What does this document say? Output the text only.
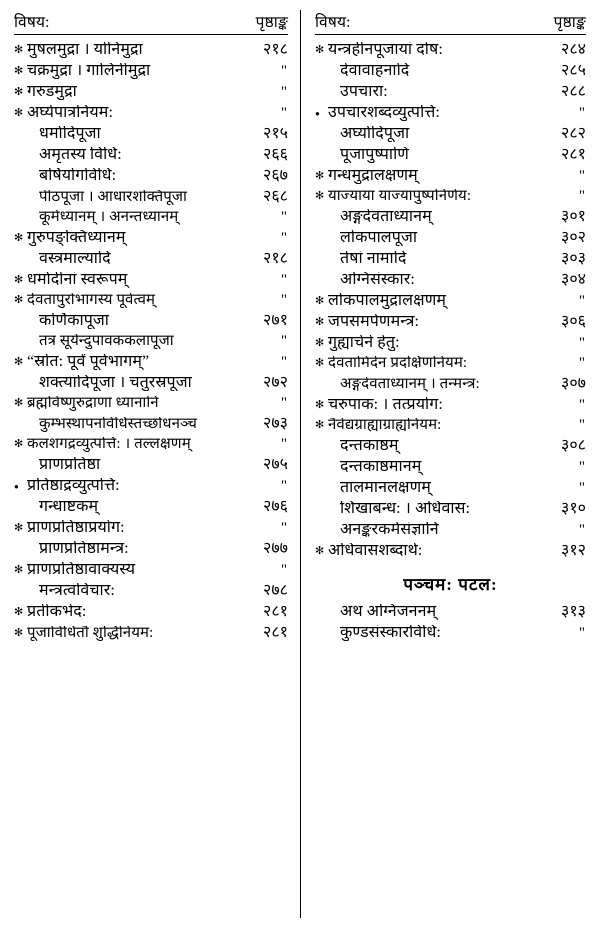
विषय:	पृष्ठाङ्क
✻
मुषलमुद्रा । योनिमुद्रा	२१८
✻
चक्रमुद्रा । गालिनीमुद्रा	"
✻
गरुडमुद्रा	"
✻
अर्घ्यपात्रनियम:	"
धर्मादिपूजा	२१५
अमृतस्य विधि:	२६६
बर्षियोगविधि:	२६७
पीठपूजा । आधारशक्तिपूजा	२६८
कूर्मध्यानम् । अनन्तध्यानम्	"
✻
गुरुपङ्क्तिध्यानम्	"
वस्त्रमाल्यादि	२१८
✻
धर्मादीनां स्वरूपम्	"
✻
देवतापुरोभागस्य पूर्वत्वम्	"
कर्णिकापूजा	२७१
तत्र सूर्येन्दुपावककलापूजा	"
✻
“स्रोत: पूर्वं पूर्वभागम्”	"
शक्त्यादिपूजा । चतुरस्रपूजा	२७२
✻
ब्रह्मविष्णुरुद्राणां ध्यानानि	"
कुम्भस्थापनविधिस्तच्छोधनञ्च	२७३
✻
कलशगद्रव्युत्पत्ति: । तल्लक्षणम्	"
प्राणप्रतिष्ठा	२७५
●
प्रतिष्ठाद्रव्युत्पत्ति:	"
गन्धाष्टकम्	२७६
✻
प्राणप्रतिष्ठाप्रयोग:	"
प्राणप्रतिष्ठामन्त्र:	२७७
✻
प्राणप्रतिष्ठावाक्यस्य	"
मन्त्रत्वविचार:	२७८
✻
प्रतीकभेद:	२८१
✻
पूजाविधितौ शुद्धिनियम:	२८१
विषय:	पृष्ठाङ्क
✻
यन्त्रहीनपूजायां दोष:	२८४
देवावाहनादि	२८५
उपचारा:	२८८
●
उपचारशब्दव्युत्पत्ति:	"
अर्घ्यादिपूजा	२८२
पूजापुष्पाणि	२८१
✻
गन्धमुद्रालक्षणम्	"
✻
याज्याया याज्यापुष्पनिर्णय:	"
अङ्गदेवताध्यानम्	३०१
लोकपालपूजा	३०२
तेषां नामादि	३०३
अग्निसंस्कार:	३०४
✻
लोकपालमुद्रालक्षणम्	"
✻
जपसमर्पणमन्त्र:	३०६
✻
गुह्यार्चने हेतु:	"
✻
देवतामिदेन प्रदक्षिणनियम:	"
अङ्गदेवताध्यानम् । तन्मन्त्र:	३०७
✻
चरुपाक: । तत्प्रयोग:	"
✻
नैवेद्यग्राह्याग्राह्यनियम:	"
दन्तकाष्ठम्	३०८
दन्तकाष्ठमानम्	"
तालमानलक्षणम्	"
शिखाबन्ध: । अधिवास:	३१०
अनङ्करकर्मसंज्ञानि	"
✻
अधिवासशब्दार्थ:	३१२
पञ्चम: पटल:
अथ अग्निजननम्	३१३
कुण्डसंस्कारविधि:	"
